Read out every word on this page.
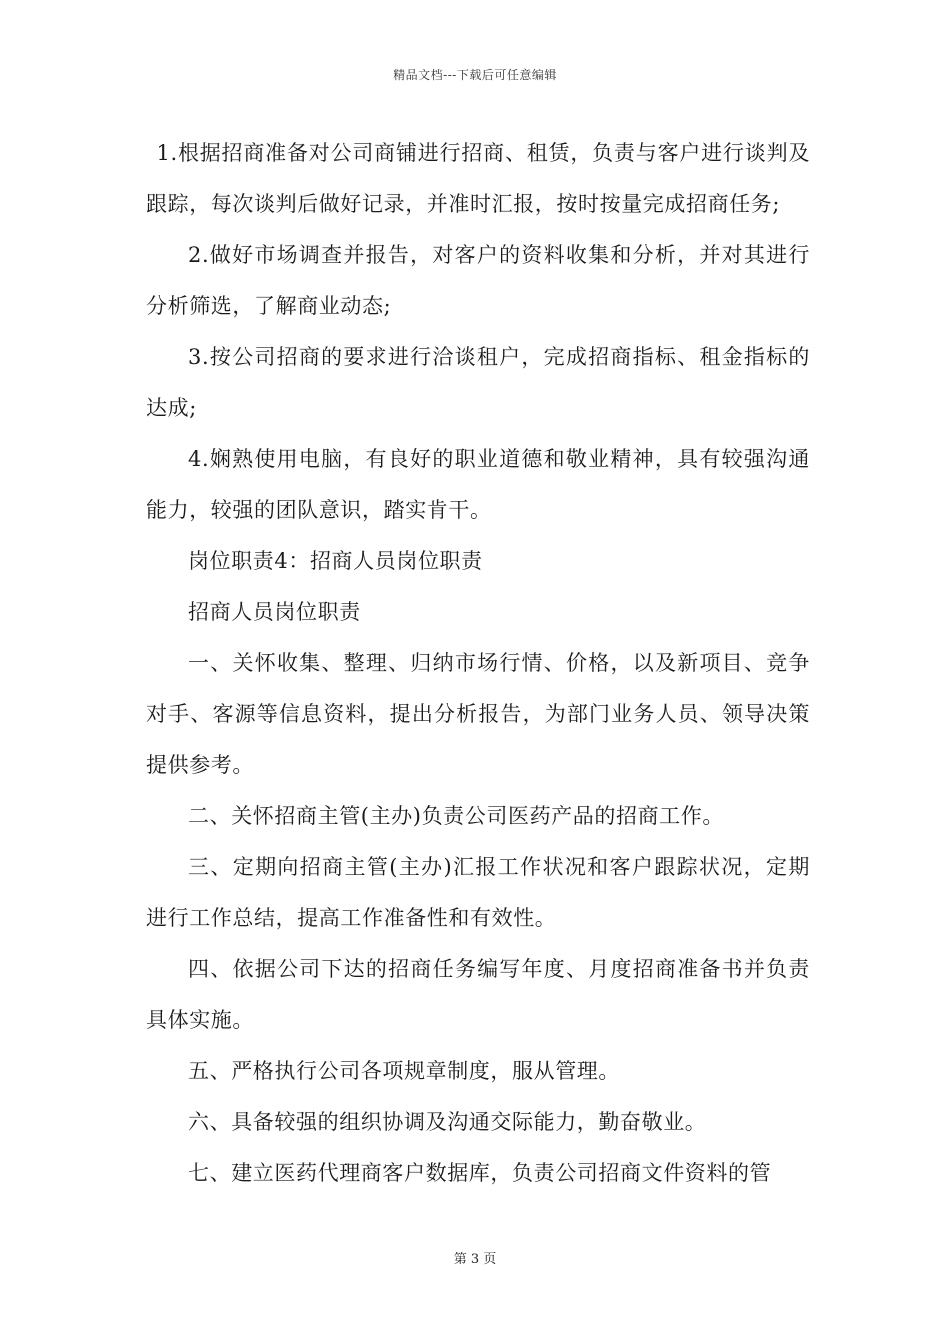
精品文档---下载后可任意编辑

1.根据招商准备对公司商铺进行招商、租赁，负责与客户进行谈判及跟踪，每次谈判后做好记录，并准时汇报，按时按量完成招商任务;

2.做好市场调查并报告，对客户的资料收集和分析，并对其进行分析筛选，了解商业动态;

3.按公司招商的要求进行洽谈租户，完成招商指标、租金指标的达成;

4.娴熟使用电脑，有良好的职业道德和敬业精神，具有较强沟通能力，较强的团队意识，踏实肯干。

岗位职责4：招商人员岗位职责

招商人员岗位职责

一、关怀收集、整理、归纳市场行情、价格，以及新项目、竞争对手、客源等信息资料，提出分析报告，为部门业务人员、领导决策提供参考。

二、关怀招商主管(主办)负责公司医药产品的招商工作。

三、定期向招商主管(主办)汇报工作状况和客户跟踪状况，定期进行工作总结，提高工作准备性和有效性。

四、依据公司下达的招商任务编写年度、月度招商准备书并负责具体实施。

五、严格执行公司各项规章制度，服从管理。

六、具备较强的组织协调及沟通交际能力，勤奋敬业。

七、建立医药代理商客户数据库，负责公司招商文件资料的管

第 3 页
